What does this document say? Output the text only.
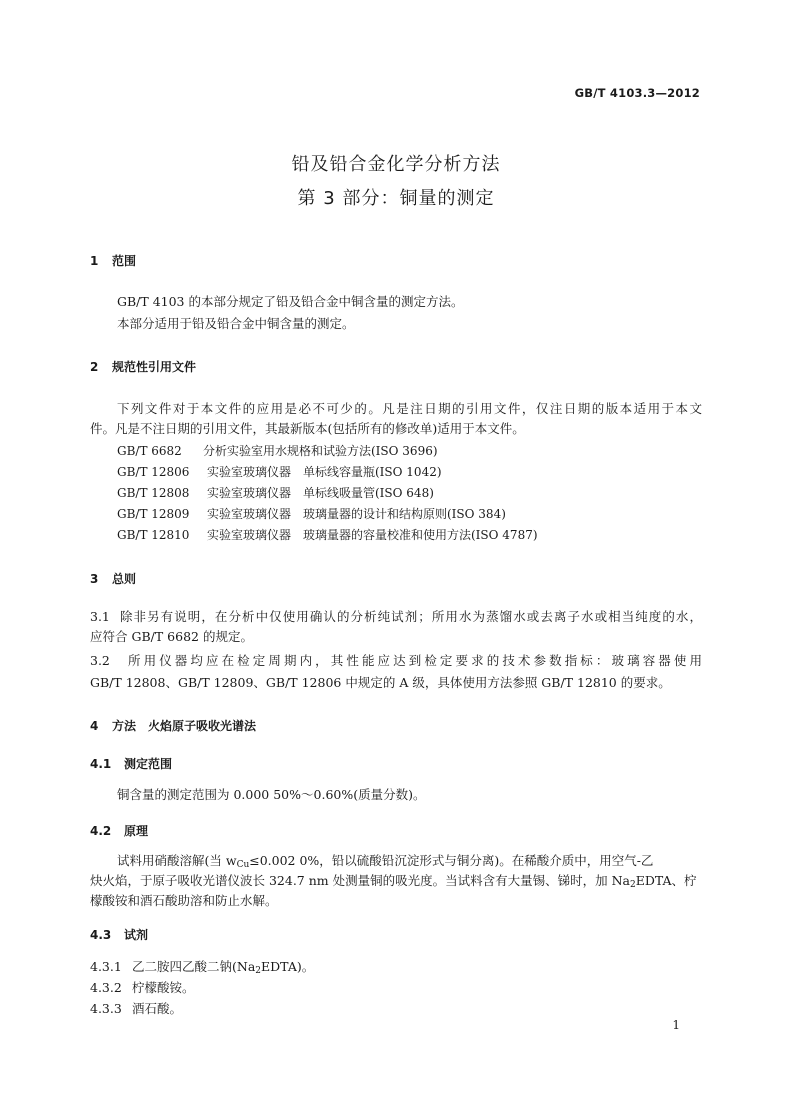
GB/T 4103.3—2012
铅及铅合金化学分析方法
第 3 部分：铜量的测定
1 范围
GB/T 4103 的本部分规定了铅及铅合金中铜含量的测定方法。
本部分适用于铅及铅合金中铜含量的测定。
2 规范性引用文件
下列文件对于本文件的应用是必不可少的。凡是注日期的引用文件，仅注日期的版本适用于本文
件。凡是不注日期的引用文件，其最新版本(包括所有的修改单)适用于本文件。
GB/T 6682 分析实验室用水规格和试验方法(ISO 3696)
GB/T 12806 实验室玻璃仪器　单标线容量瓶(ISO 1042)
GB/T 12808 实验室玻璃仪器　单标线吸量管(ISO 648)
GB/T 12809 实验室玻璃仪器　玻璃量器的设计和结构原则(ISO 384)
GB/T 12810 实验室玻璃仪器　玻璃量器的容量校准和使用方法(ISO 4787)
3 总则
3.1 除非另有说明，在分析中仅使用确认的分析纯试剂；所用水为蒸馏水或去离子水或相当纯度的水，
应符合 GB/T 6682 的规定。
3.2	所用仪器均应在检定周期内，其性能应达到检定要求的技术参数指标：玻璃容器使用
GB/T 12808、GB/T 12809、GB/T 12806 中规定的 A 级，具体使用方法参照 GB/T 12810 的要求。
4 方法　火焰原子吸收光谱法
4.1 测定范围
铜含量的测定范围为 0.000 50%～0.60%(质量分数)。
4.2 原理
试料用硝酸溶解(当 $w_{Cu}\le 0.002$ 0%，铅以硫酸铅沉淀形式与铜分离)。在稀酸介质中，用空气-乙
炔火焰，于原子吸收光谱仪波长 324.7 nm 处测量铜的吸光度。当试料含有大量锡、锑时，加 $Na_2EDTA$、柠
檬酸铵和酒石酸助溶和防止水解。
4.3 试剂
4.3.1 乙二胺四乙酸二钠$(Na_2EDTA)$。
4.3.2 柠檬酸铵。
4.3.3 酒石酸。
1
